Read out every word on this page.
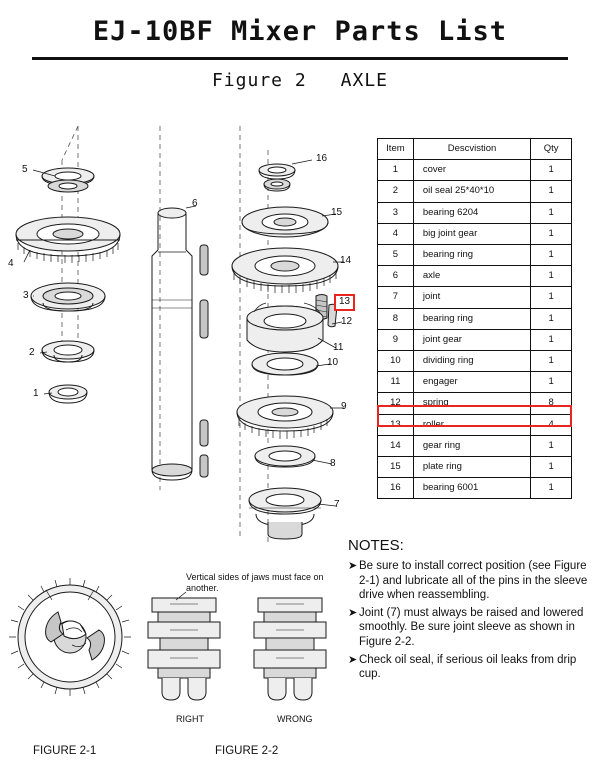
EJ-10BF Mixer Parts List
Figure 2 AXLE
5
4
3
2
1
6
16
15
14
13
12
11
10
9
8
7
Item	Descvistion	Qty
1	cover	1
2	oil seal 25*40*10	1
3	bearing 6204	1
4	big joint gear	1
5	bearing ring	1
6	axle	1
7	joint	1
8	bearing ring	1
9	joint gear	1
10	dividing ring	1
11	engager	1
12	spring	8
13	roller	4
14	gear ring	1
15	plate ring	1
16	bearing 6001	1
NOTES:
➤ Be sure to install correct position (see Figure 2-1) and lubricate all of the pins in the sleeve drive when reassembling.
➤ Joint (7) must always be raised and lowered smoothly. Be sure joint sleeve as shown in Figure 2-2.
➤ Check oil seal, if serious oil leaks from drip cup.
Vertical sides of jaws must face on another.
RIGHT	WRONG
FIGURE 2-1	FIGURE 2-2
